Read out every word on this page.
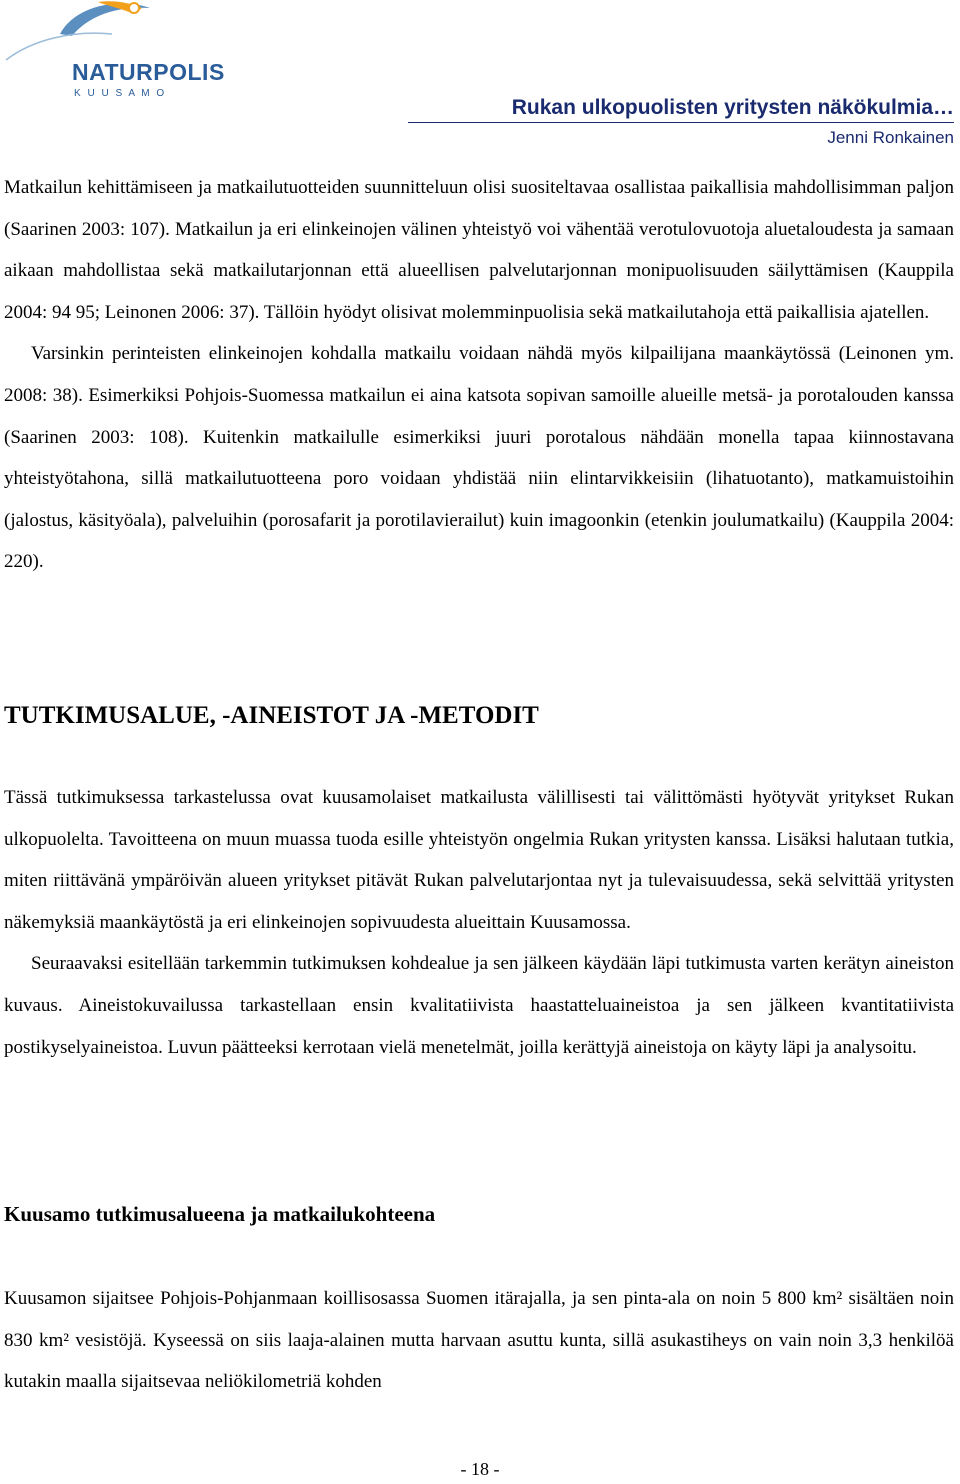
NATURPOLIS
K U U S A M O
Rukan ulkopuolisten yritysten näkökulmia…
Jenni Ronkainen

Matkailun kehittämiseen ja matkailutuotteiden suunnitteluun olisi suositeltavaa osallistaa paikallisia mahdollisimman paljon (Saarinen 2003: 107). Matkailun ja eri elinkeinojen välinen yhteistyö voi vähentää verotulovuotoja aluetaloudesta ja samaan aikaan mahdollistaa sekä matkailutarjonnan että alueellisen palvelutarjonnan monipuolisuuden säilyttämisen (Kauppila 2004: 94 95; Leinonen 2006: 37). Tällöin hyödyt olisivat molemminpuolisia sekä matkailutahoja että paikallisia ajatellen.

Varsinkin perinteisten elinkeinojen kohdalla matkailu voidaan nähdä myös kilpailijana maankäytössä (Leinonen ym. 2008: 38). Esimerkiksi Pohjois-Suomessa matkailun ei aina katsota sopivan samoille alueille metsä- ja porotalouden kanssa (Saarinen 2003: 108). Kuitenkin matkailulle esimerkiksi juuri porotalous nähdään monella tapaa kiinnostavana yhteistyötahona, sillä matkailutuotteena poro voidaan yhdistää niin elintarvikkeisiin (lihatuotanto), matkamuistoihin (jalostus, käsityöala), palveluihin (porosafarit ja porotilavierailut) kuin imagoonkin (etenkin joulumatkailu) (Kauppila 2004: 220).

TUTKIMUSALUE, -AINEISTOT JA -METODIT

Tässä tutkimuksessa tarkastelussa ovat kuusamolaiset matkailusta välillisesti tai välittömästi hyötyvät yritykset Rukan ulkopuolelta. Tavoitteena on muun muassa tuoda esille yhteistyön ongelmia Rukan yritysten kanssa. Lisäksi halutaan tutkia, miten riittävänä ympäröivän alueen yritykset pitävät Rukan palvelutarjontaa nyt ja tulevaisuudessa, sekä selvittää yritysten näkemyksiä maankäytöstä ja eri elinkeinojen sopivuudesta alueittain Kuusamossa.

Seuraavaksi esitellään tarkemmin tutkimuksen kohdealue ja sen jälkeen käydään läpi tutkimusta varten kerätyn aineiston kuvaus. Aineistokuvailussa tarkastellaan ensin kvalitatiivista haastatteluaineistoa ja sen jälkeen kvantitatiivista postikyselyaineistoa. Luvun päätteeksi kerrotaan vielä menetelmät, joilla kerättyjä aineistoja on käyty läpi ja analysoitu.

Kuusamo tutkimusalueena ja matkailukohteena

Kuusamon sijaitsee Pohjois-Pohjanmaan koillisosassa Suomen itärajalla, ja sen pinta-ala on noin 5 800 km² sisältäen noin 830 km² vesistöjä. Kyseessä on siis laaja-alainen mutta harvaan asuttu kunta, sillä asukastiheys on vain noin 3,3 henkilöä kutakin maalla sijaitsevaa neliökilometriä kohden

- 18 -
